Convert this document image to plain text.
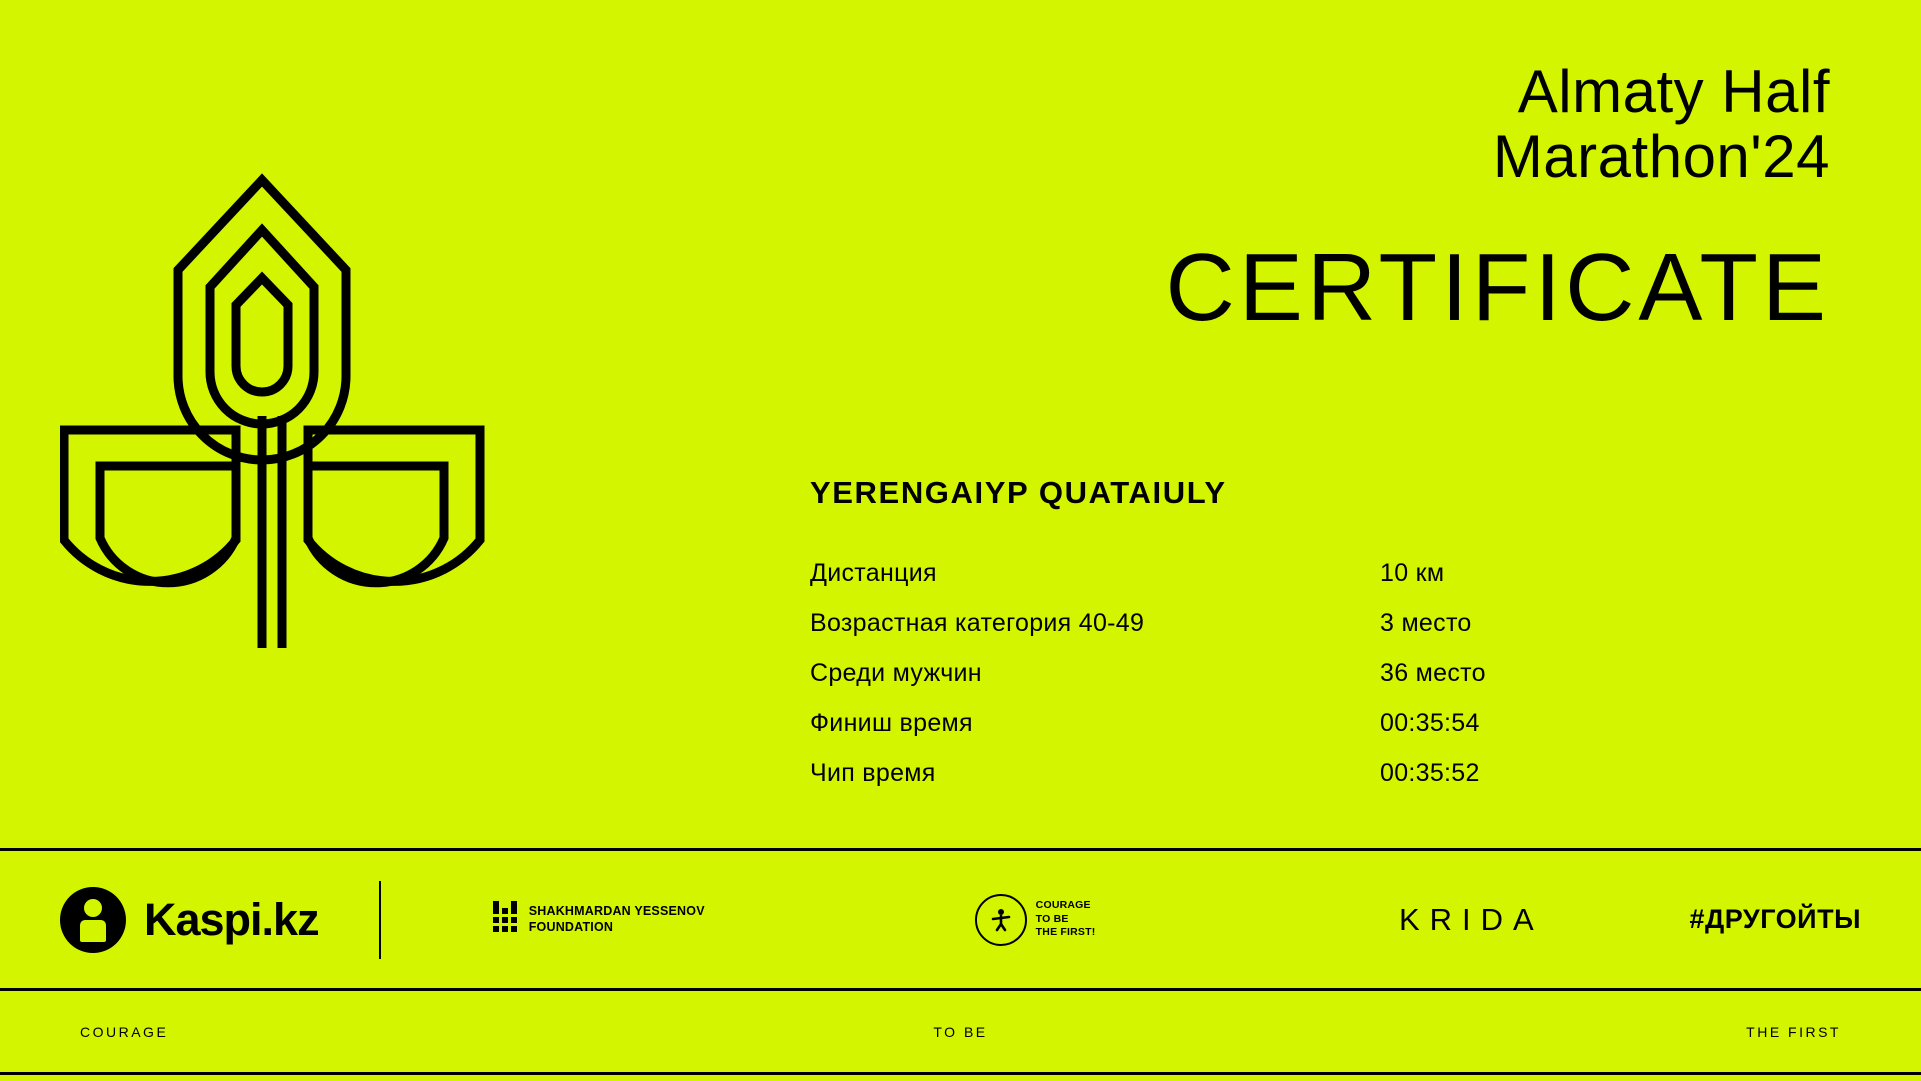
Almaty Half
Marathon'24
CERTIFICATE
YERENGAIYP QUATAIULY
Дистанция	10 км
Возрастная категория 40-49	3 место
Среди мужчин	36 место
Финиш время	00:35:54
Чип время	00:35:52
Kaspi.kz	SHAKHMARDAN YESSENOV
FOUNDATION
COURAGE
TO BE
THE FIRST!	KRIDA	#ДРУГОЙТЫ
COURAGE	TO BE	THE FIRST
